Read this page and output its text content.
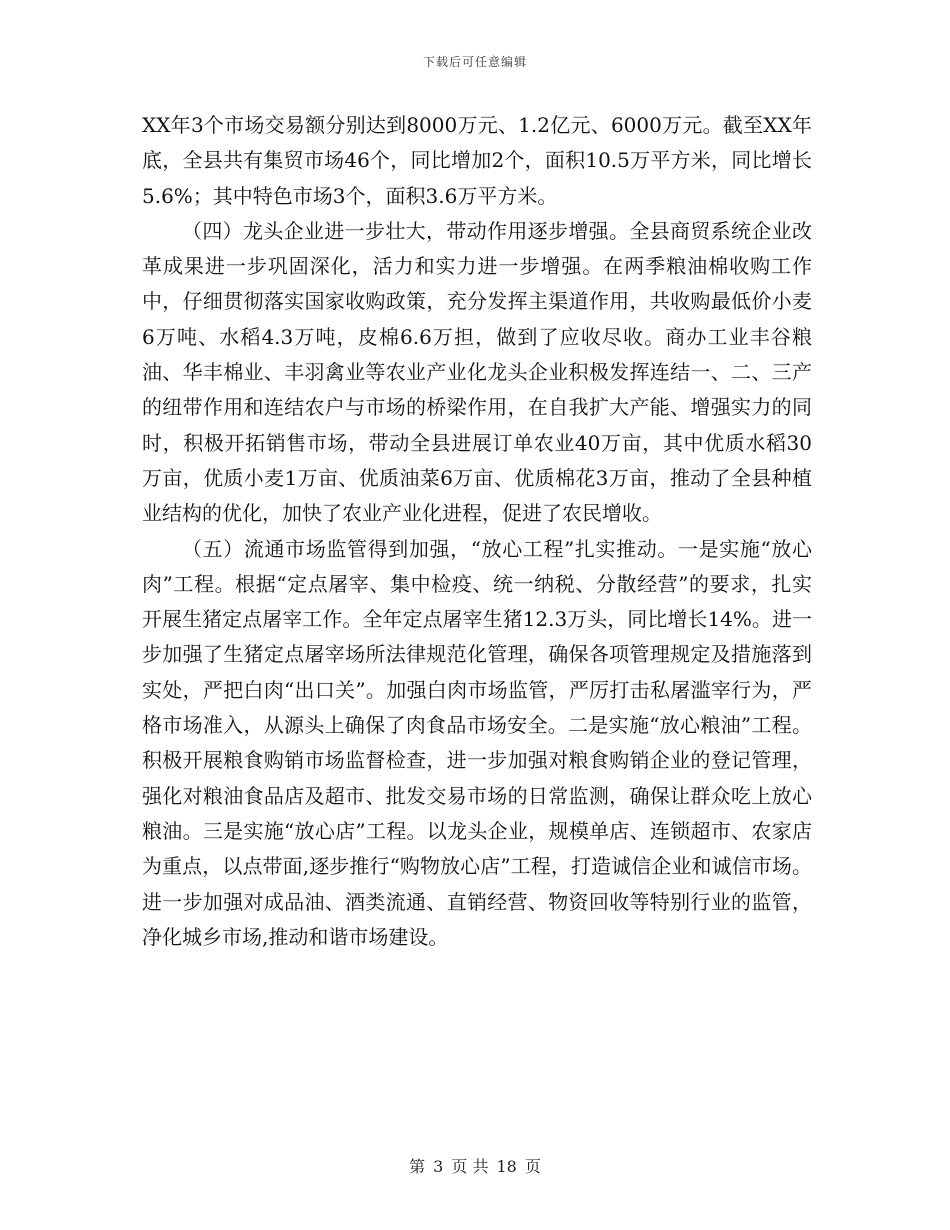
下载后可任意编辑

XX年3个市场交易额分别达到8000万元、1.2亿元、6000万元。截至XX年底，全县共有集贸市场46个，同比增加2个，面积10.5万平方米，同比增长5.6%；其中特色市场3个，面积3.6万平方米。

（四）龙头企业进一步壮大，带动作用逐步增强。全县商贸系统企业改革成果进一步巩固深化，活力和实力进一步增强。在两季粮油棉收购工作中，仔细贯彻落实国家收购政策，充分发挥主渠道作用，共收购最低价小麦6万吨、水稻4.3万吨，皮棉6.6万担，做到了应收尽收。商办工业丰谷粮油、华丰棉业、丰羽禽业等农业产业化龙头企业积极发挥连结一、二、三产的纽带作用和连结农户与市场的桥梁作用，在自我扩大产能、增强实力的同时，积极开拓销售市场，带动全县进展订单农业40万亩，其中优质水稻30万亩，优质小麦1万亩、优质油菜6万亩、优质棉花3万亩，推动了全县种植业结构的优化，加快了农业产业化进程，促进了农民增收。

（五）流通市场监管得到加强，“放心工程”扎实推动。一是实施“放心肉”工程。根据“定点屠宰、集中检疫、统一纳税、分散经营”的要求，扎实开展生猪定点屠宰工作。全年定点屠宰生猪12.3万头，同比增长14%。进一步加强了生猪定点屠宰场所法律规范化管理，确保各项管理规定及措施落到实处，严把白肉“出口关”。加强白肉市场监管，严厉打击私屠滥宰行为，严格市场准入，从源头上确保了肉食品市场安全。二是实施“放心粮油”工程。积极开展粮食购销市场监督检查，进一步加强对粮食购销企业的登记管理，强化对粮油食品店及超市、批发交易市场的日常监测，确保让群众吃上放心粮油。三是实施“放心店”工程。以龙头企业，规模单店、连锁超市、农家店为重点，以点带面,逐步推行“购物放心店”工程，打造诚信企业和诚信市场。进一步加强对成品油、酒类流通、直销经营、物资回收等特别行业的监管，净化城乡市场,推动和谐市场建设。

第 3 页 共 18 页
